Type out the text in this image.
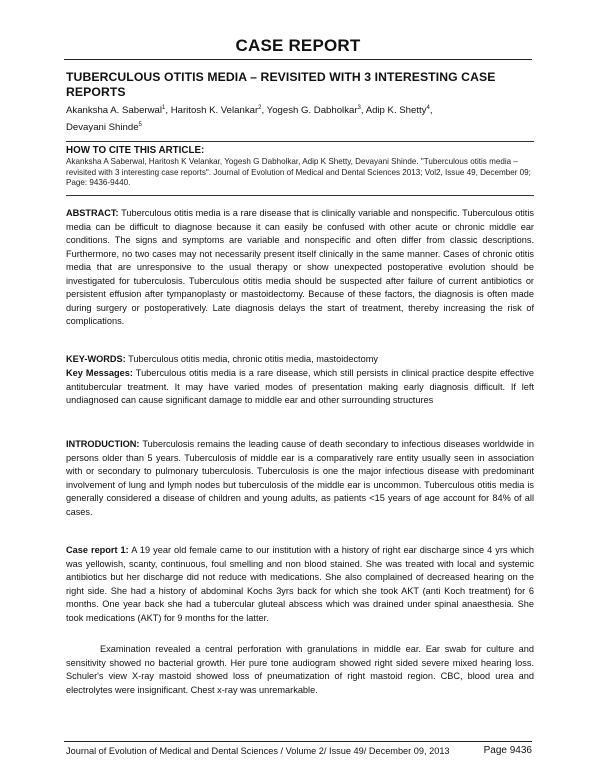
CASE REPORT
TUBERCULOUS OTITIS MEDIA – REVISITED WITH 3 INTERESTING CASE REPORTS
Akanksha A. Saberwal$^1$, Haritosh K. Velankar$^2$, Yogesh G. Dabholkar$^3$, Adip K. Shetty$^4$,
Devayani Shinde$^5$
HOW TO CITE THIS ARTICLE:
Akanksha A Saberwal, Haritosh K Velankar, Yogesh G Dabholkar, Adip K Shetty, Devayani Shinde. "Tuberculous otitis media – revisited with 3 interesting case reports". Journal of Evolution of Medical and Dental Sciences 2013; Vol2, Issue 49, December 09; Page: 9436-9440.
ABSTRACT: Tuberculous otitis media is a rare disease that is clinically variable and nonspecific. Tuberculous otitis media can be difficult to diagnose because it can easily be confused with other acute or chronic middle ear conditions. The signs and symptoms are variable and nonspecific and often differ from classic descriptions. Furthermore, no two cases may not necessarily present itself clinically in the same manner. Cases of chronic otitis media that are unresponsive to the usual therapy or show unexpected postoperative evolution should be investigated for tuberculosis. Tuberculous otitis media should be suspected after failure of current antibiotics or persistent effusion after tympanoplasty or mastoidectomy. Because of these factors, the diagnosis is often made during surgery or postoperatively. Late diagnosis delays the start of treatment, thereby increasing the risk of complications.
KEY-WORDS: Tuberculous otitis media, chronic otitis media, mastoidectomy
Key Messages: Tuberculous otitis media is a rare disease, which still persists in clinical practice despite effective antitubercular treatment. It may have varied modes of presentation making early diagnosis difficult. If left undiagnosed can cause significant damage to middle ear and other surrounding structures
INTRODUCTION: Tuberculosis remains the leading cause of death secondary to infectious diseases worldwide in persons older than 5 years. Tuberculosis of middle ear is a comparatively rare entity usually seen in association with or secondary to pulmonary tuberculosis. Tuberculosis is one the major infectious disease with predominant involvement of lung and lymph nodes but tuberculosis of the middle ear is uncommon. Tuberculous otitis media is generally considered a disease of children and young adults, as patients <15 years of age account for 84% of all cases.
Case report 1: A 19 year old female came to our institution with a history of right ear discharge since 4 yrs which was yellowish, scanty, continuous, foul smelling and non blood stained. She was treated with local and systemic antibiotics but her discharge did not reduce with medications. She also complained of decreased hearing on the right side. She had a history of abdominal Kochs 3yrs back for which she took AKT (anti Koch treatment) for 6 months. One year back she had a tubercular gluteal abscess which was drained under spinal anaesthesia. She took medications (AKT) for 9 months for the latter.
Examination revealed a central perforation with granulations in middle ear. Ear swab for culture and sensitivity showed no bacterial growth. Her pure tone audiogram showed right sided severe mixed hearing loss. Schuler's view X-ray mastoid showed loss of pneumatization of right mastoid region. CBC, blood urea and electrolytes were insignificant. Chest x-ray was unremarkable.
Journal of Evolution of Medical and Dental Sciences / Volume 2/ Issue 49/ December 09, 2013	Page 9436
